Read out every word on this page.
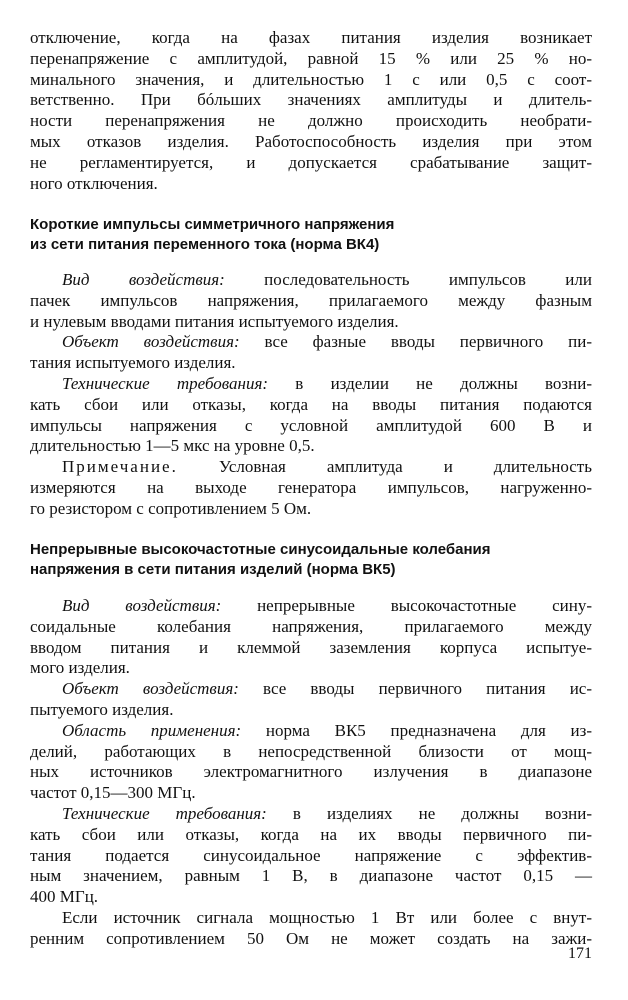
отключение, когда на фазах питания изделия возникает
перенапряжение с амплитудой, равной 15 % или 25 % но-
минального значения, и длительностью 1 с или 0,5 с соот-
ветственно. При бóльших значениях амплитуды и длитель-
ности перенапряжения не должно происходить необрати-
мых отказов изделия. Работоспособность изделия при этом
не регламентируется, и допускается срабатывание защит-
ного отключения.
Короткие импульсы симметричного напряжения
из сети питания переменного тока (норма ВК4)
Вид воздействия: последовательность импульсов или
пачек импульсов напряжения, прилагаемого между фазным
и нулевым вводами питания испытуемого изделия.
Объект воздействия: все фазные вводы первичного пи-
тания испытуемого изделия.
Технические требования: в изделии не должны возни-
кать сбои или отказы, когда на вводы питания подаются
импульсы напряжения с условной амплитудой 600 В и
длительностью 1—5 мкс на уровне 0,5.
Примечание. Условная амплитуда и длительность
измеряются на выходе генератора импульсов, нагруженно-
го резистором с сопротивлением 5 Ом.
Непрерывные высокочастотные синусоидальные колебания
напряжения в сети питания изделий (норма ВК5)
Вид воздействия: непрерывные высокочастотные сину-
соидальные колебания напряжения, прилагаемого между
вводом питания и клеммой заземления корпуса испытуе-
мого изделия.
Объект воздействия: все вводы первичного питания ис-
пытуемого изделия.
Область применения: норма ВК5 предназначена для из-
делий, работающих в непосредственной близости от мощ-
ных источников электромагнитного излучения в диапазоне
частот 0,15—300 МГц.
Технические требования: в изделиях не должны возни-
кать сбои или отказы, когда на их вводы первичного пи-
тания подается синусоидальное напряжение с эффектив-
ным значением, равным 1 В, в диапазоне частот 0,15 —
400 МГц.
Если источник сигнала мощностью 1 Вт или более с внут-
ренним сопротивлением 50 Ом не может создать на зажи-
171
